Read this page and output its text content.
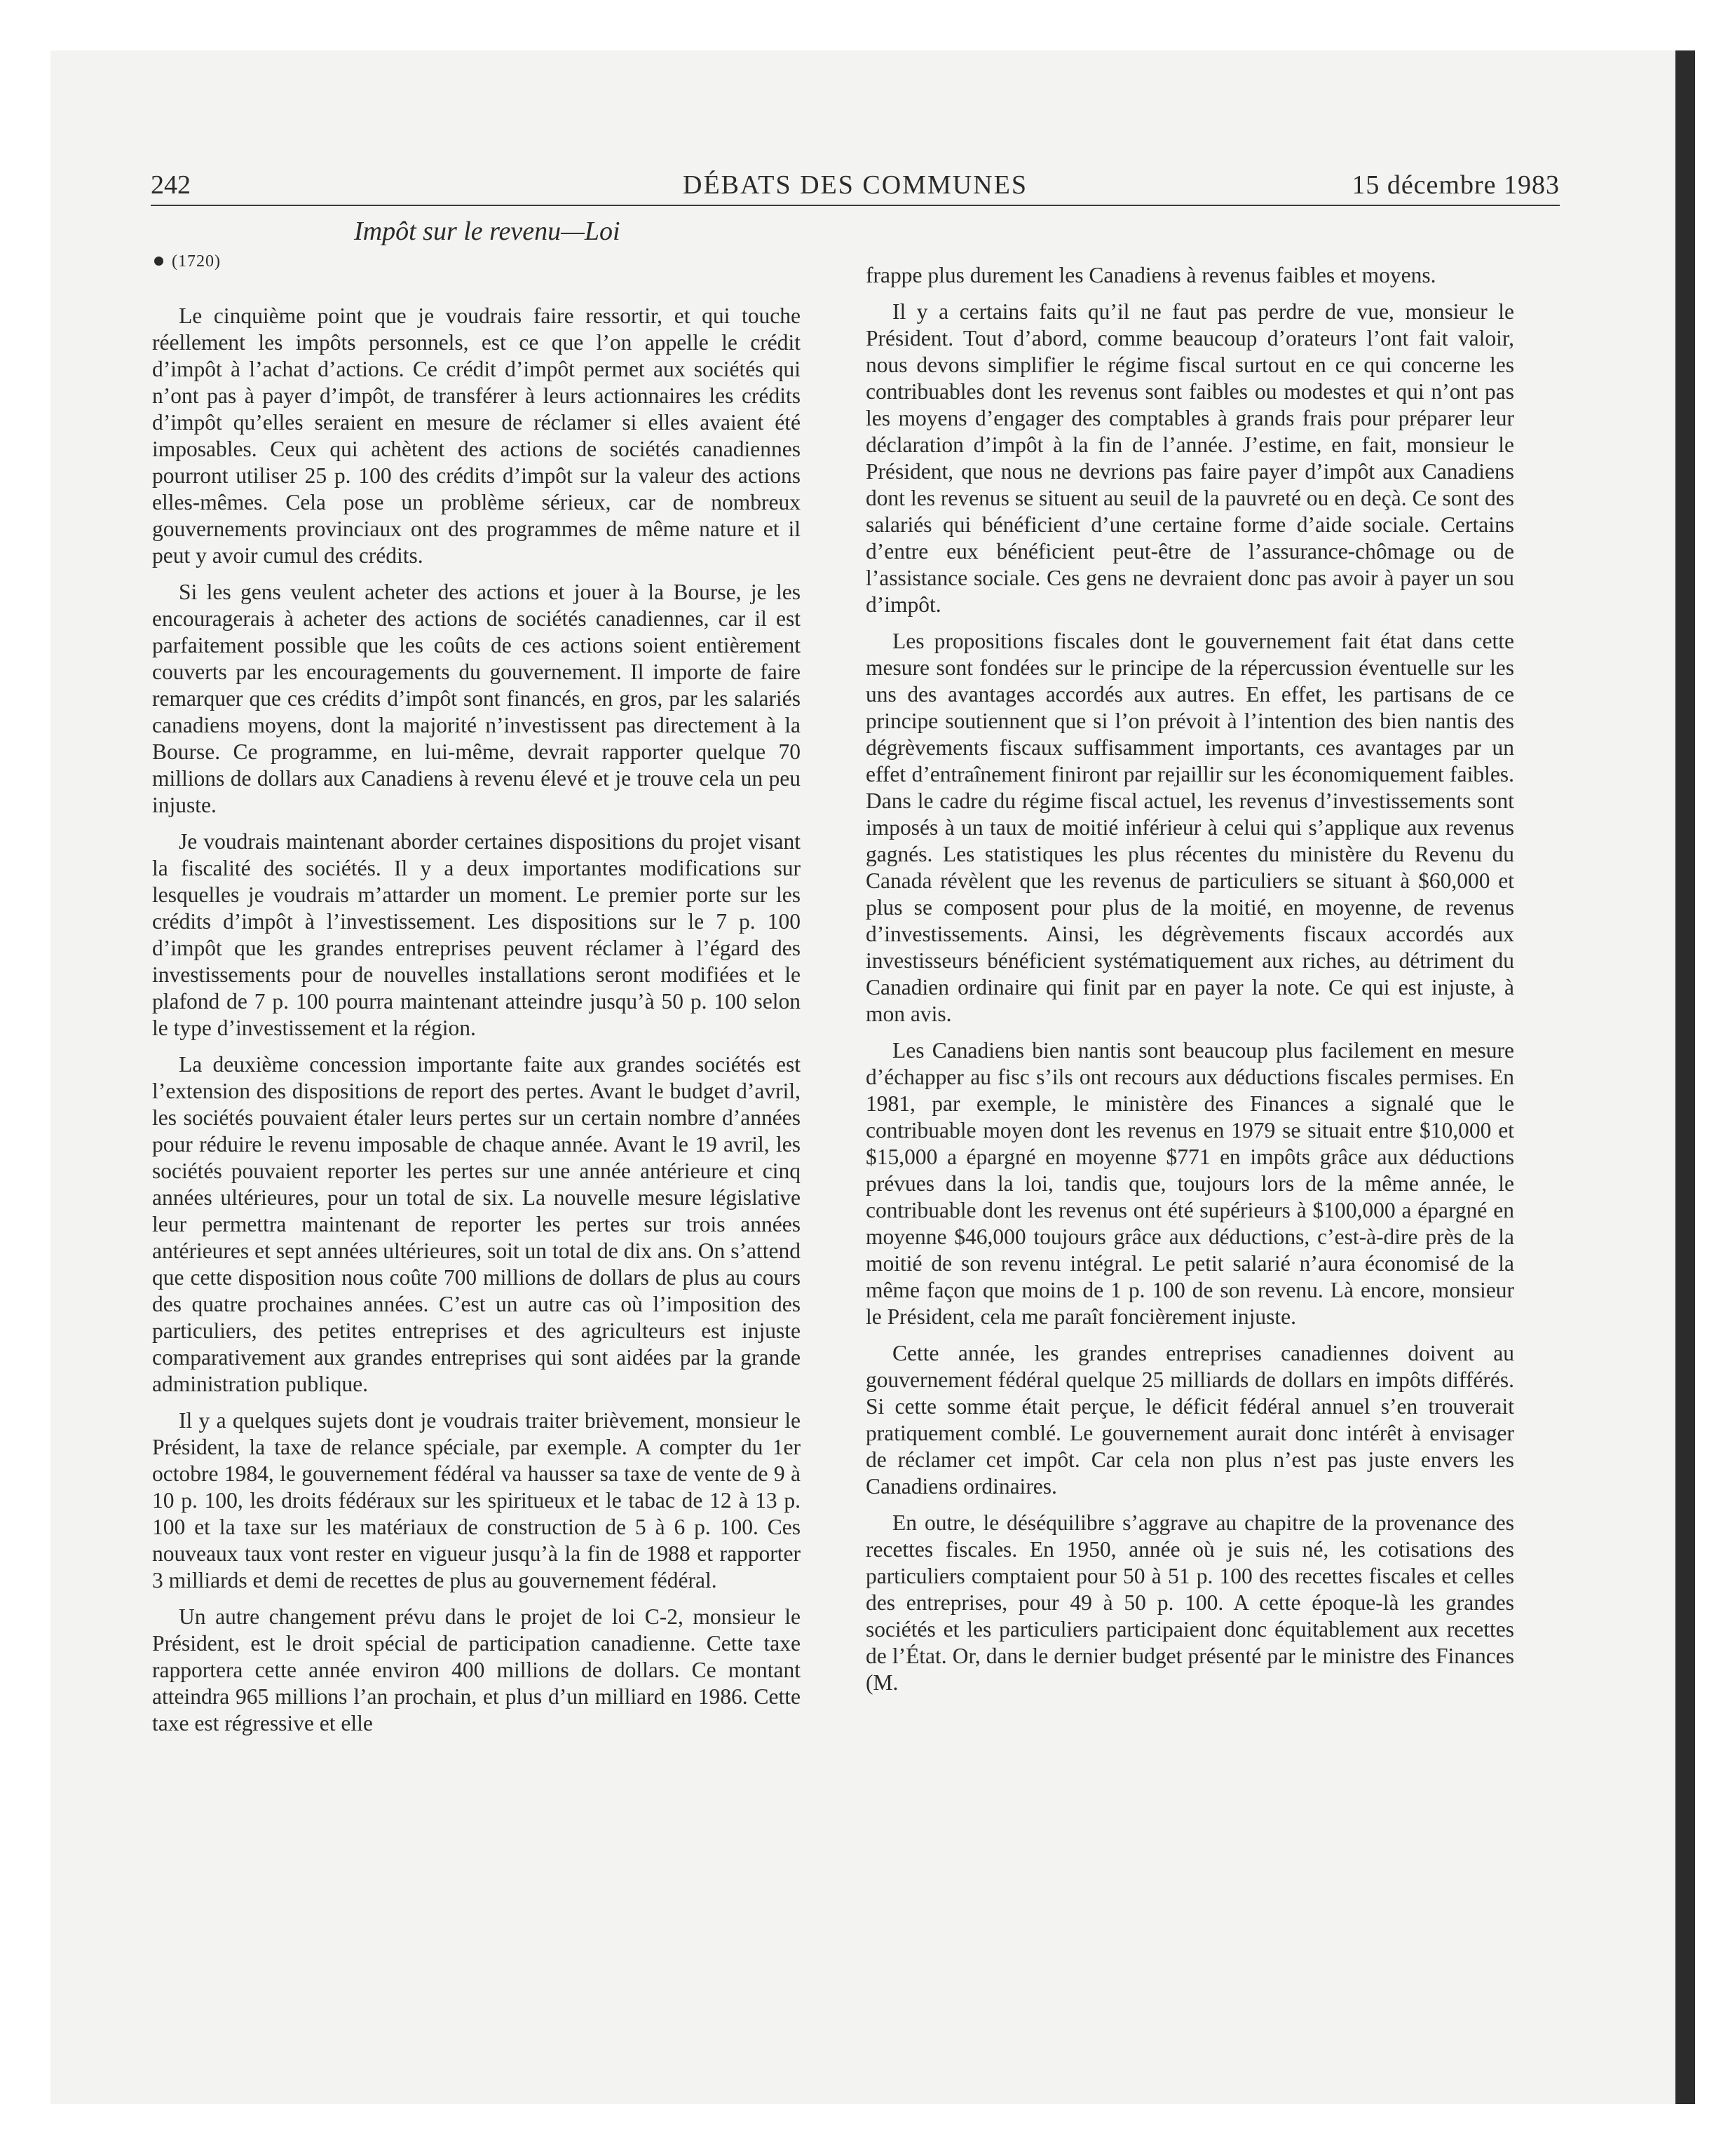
242	DÉBATS DES COMMUNES	15 décembre 1983
Impôt sur le revenu—Loi
(1720)

Le cinquième point que je voudrais faire ressortir, et qui touche réellement les impôts personnels, est ce que l’on appelle le crédit d’impôt à l’achat d’actions. Ce crédit d’impôt permet aux sociétés qui n’ont pas à payer d’impôt, de transférer à leurs actionnaires les crédits d’impôt qu’elles seraient en mesure de réclamer si elles avaient été imposables. Ceux qui achètent des actions de sociétés canadiennes pourront utiliser 25 p. 100 des crédits d’impôt sur la valeur des actions elles-mêmes. Cela pose un problème sérieux, car de nombreux gouvernements provinciaux ont des programmes de même nature et il peut y avoir cumul des crédits.

Si les gens veulent acheter des actions et jouer à la Bourse, je les encouragerais à acheter des actions de sociétés canadiennes, car il est parfaitement possible que les coûts de ces actions soient entièrement couverts par les encouragements du gouvernement. Il importe de faire remarquer que ces crédits d’impôt sont financés, en gros, par les salariés canadiens moyens, dont la majorité n’investissent pas directement à la Bourse. Ce programme, en lui-même, devrait rapporter quelque 70 millions de dollars aux Canadiens à revenu élevé et je trouve cela un peu injuste.

Je voudrais maintenant aborder certaines dispositions du projet visant la fiscalité des sociétés. Il y a deux importantes modifications sur lesquelles je voudrais m’attarder un moment. Le premier porte sur les crédits d’impôt à l’investissement. Les dispositions sur le 7 p. 100 d’impôt que les grandes entreprises peuvent réclamer à l’égard des investissements pour de nouvelles installations seront modifiées et le plafond de 7 p. 100 pourra maintenant atteindre jusqu’à 50 p. 100 selon le type d’investissement et la région.

La deuxième concession importante faite aux grandes sociétés est l’extension des dispositions de report des pertes. Avant le budget d’avril, les sociétés pouvaient étaler leurs pertes sur un certain nombre d’années pour réduire le revenu imposable de chaque année. Avant le 19 avril, les sociétés pouvaient reporter les pertes sur une année antérieure et cinq années ultérieures, pour un total de six. La nouvelle mesure législative leur permettra maintenant de reporter les pertes sur trois années antérieures et sept années ultérieures, soit un total de dix ans. On s’attend que cette disposition nous coûte 700 millions de dollars de plus au cours des quatre prochaines années. C’est un autre cas où l’imposition des particuliers, des petites entreprises et des agriculteurs est injuste comparativement aux grandes entreprises qui sont aidées par la grande administration publique.

Il y a quelques sujets dont je voudrais traiter brièvement, monsieur le Président, la taxe de relance spéciale, par exemple. A compter du 1er octobre 1984, le gouvernement fédéral va hausser sa taxe de vente de 9 à 10 p. 100, les droits fédéraux sur les spiritueux et le tabac de 12 à 13 p. 100 et la taxe sur les matériaux de construction de 5 à 6 p. 100. Ces nouveaux taux vont rester en vigueur jusqu’à la fin de 1988 et rapporter 3 milliards et demi de recettes de plus au gouvernement fédéral.

Un autre changement prévu dans le projet de loi C-2, monsieur le Président, est le droit spécial de participation canadienne. Cette taxe rapportera cette année environ 400 millions de dollars. Ce montant atteindra 965 millions l’an prochain, et plus d’un milliard en 1986. Cette taxe est régressive et elle

frappe plus durement les Canadiens à revenus faibles et moyens.

Il y a certains faits qu’il ne faut pas perdre de vue, monsieur le Président. Tout d’abord, comme beaucoup d’orateurs l’ont fait valoir, nous devons simplifier le régime fiscal surtout en ce qui concerne les contribuables dont les revenus sont faibles ou modestes et qui n’ont pas les moyens d’engager des comptables à grands frais pour préparer leur déclaration d’impôt à la fin de l’année. J’estime, en fait, monsieur le Président, que nous ne devrions pas faire payer d’impôt aux Canadiens dont les revenus se situent au seuil de la pauvreté ou en deçà. Ce sont des salariés qui bénéficient d’une certaine forme d’aide sociale. Certains d’entre eux bénéficient peut-être de l’assurance-chômage ou de l’assistance sociale. Ces gens ne devraient donc pas avoir à payer un sou d’impôt.

Les propositions fiscales dont le gouvernement fait état dans cette mesure sont fondées sur le principe de la répercussion éventuelle sur les uns des avantages accordés aux autres. En effet, les partisans de ce principe soutiennent que si l’on prévoit à l’intention des bien nantis des dégrèvements fiscaux suffisamment importants, ces avantages par un effet d’entraînement finiront par rejaillir sur les économiquement faibles. Dans le cadre du régime fiscal actuel, les revenus d’investissements sont imposés à un taux de moitié inférieur à celui qui s’applique aux revenus gagnés. Les statistiques les plus récentes du ministère du Revenu du Canada révèlent que les revenus de particuliers se situant à $60,000 et plus se composent pour plus de la moitié, en moyenne, de revenus d’investissements. Ainsi, les dégrèvements fiscaux accordés aux investisseurs bénéficient systématiquement aux riches, au détriment du Canadien ordinaire qui finit par en payer la note. Ce qui est injuste, à mon avis.

Les Canadiens bien nantis sont beaucoup plus facilement en mesure d’échapper au fisc s’ils ont recours aux déductions fiscales permises. En 1981, par exemple, le ministère des Finances a signalé que le contribuable moyen dont les revenus en 1979 se situait entre $10,000 et $15,000 a épargné en moyenne $771 en impôts grâce aux déductions prévues dans la loi, tandis que, toujours lors de la même année, le contribuable dont les revenus ont été supérieurs à $100,000 a épargné en moyenne $46,000 toujours grâce aux déductions, c’est-à-dire près de la moitié de son revenu intégral. Le petit salarié n’aura économisé de la même façon que moins de 1 p. 100 de son revenu. Là encore, monsieur le Président, cela me paraît foncièrement injuste.

Cette année, les grandes entreprises canadiennes doivent au gouvernement fédéral quelque 25 milliards de dollars en impôts différés. Si cette somme était perçue, le déficit fédéral annuel s’en trouverait pratiquement comblé. Le gouvernement aurait donc intérêt à envisager de réclamer cet impôt. Car cela non plus n’est pas juste envers les Canadiens ordinaires.

En outre, le déséquilibre s’aggrave au chapitre de la provenance des recettes fiscales. En 1950, année où je suis né, les cotisations des particuliers comptaient pour 50 à 51 p. 100 des recettes fiscales et celles des entreprises, pour 49 à 50 p. 100. A cette époque-là les grandes sociétés et les particuliers participaient donc équitablement aux recettes de l’État. Or, dans le dernier budget présenté par le ministre des Finances (M.
